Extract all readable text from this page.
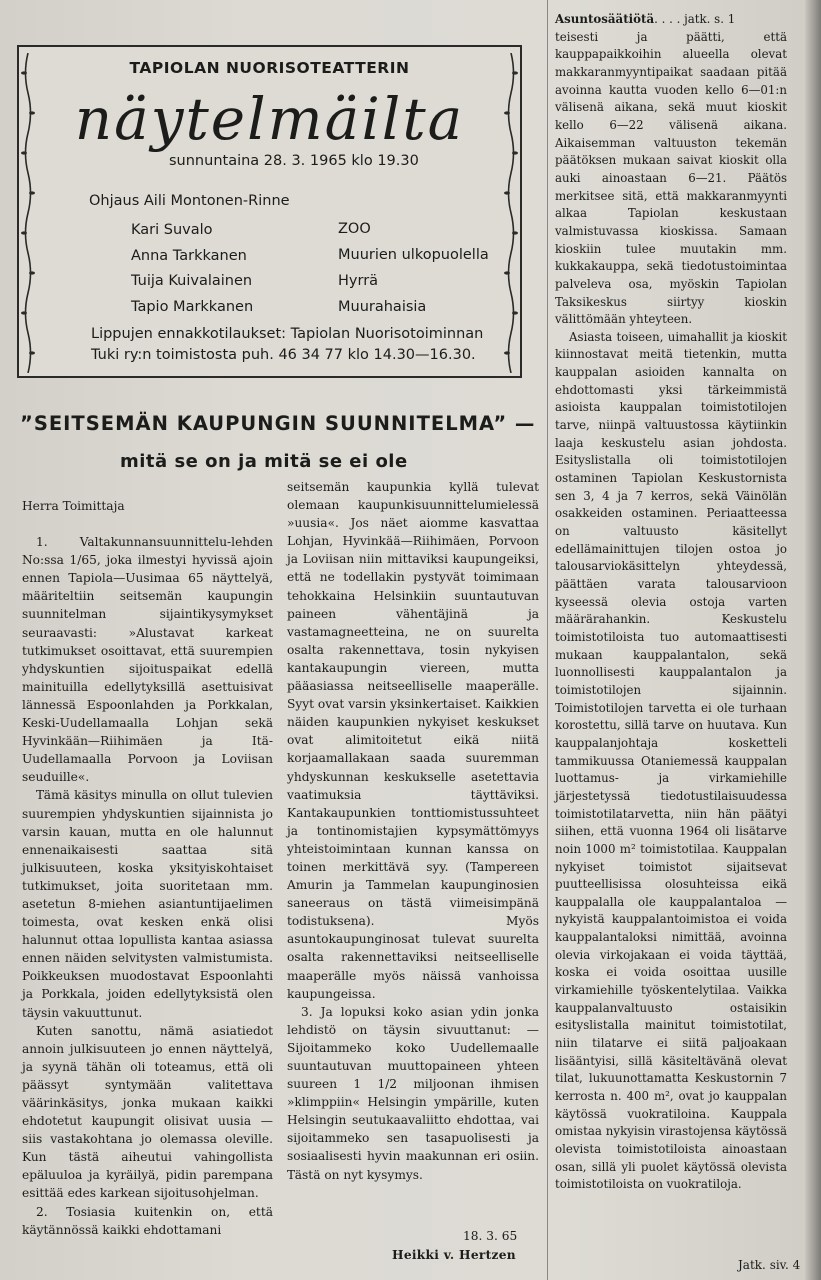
TAPIOLAN NUORISOTEATTERIN
näytelmäilta
sunnuntaina 28. 3. 1965 klo 19.30
Ohjaus Aili Montonen-Rinne
Kari Suvalo
Anna Tarkkanen
Tuija Kuivalainen
Tapio Markkanen
ZOO
Muurien ulkopuolella
Hyrrä
Muurahaisia
Lippujen ennakkotilaukset: Tapiolan Nuorisotoiminnan
Tuki ry:n toimistosta puh. 46 34 77 klo 14.30—16.30.
”SEITSEMÄN KAUPUNGIN SUUNNITELMA” —
mitä se on ja mitä se ei ole

Herra Toimittaja

1. Valtakunnansuunnittelu-lehden No:ssa 1/65, joka ilmestyi hyvissä ajoin ennen Tapiola—Uusimaa 65 näyttelyä, määriteltiin seitsemän kaupungin suunnitelman sijaintikysymykset seuraavasti: »Alustavat karkeat tutkimukset osoittavat, että suurempien yhdyskuntien sijoituspaikat edellä mainituilla edellytyksillä asettuisivat lännessä Espoonlahden ja Porkkalan, Keski-Uudellamaalla Lohjan sekä Hyvinkään—Riihimäen ja Itä-Uudellamaalla Porvoon ja Loviisan seuduille«.

Tämä käsitys minulla on ollut tulevien suurempien yhdyskuntien sijainnista jo varsin kauan, mutta en ole halunnut ennenaikaisesti saattaa sitä julkisuuteen, koska yksityiskohtaiset tutkimukset, joita suoritetaan mm. asetetun 8-miehen asiantuntijaelimen toimesta, ovat kesken enkä olisi halunnut ottaa lopullista kantaa asiassa ennen näiden selvitysten valmistumista. Poikkeuksen muodostavat Espoonlahti ja Porkkala, joiden edellytyksistä olen täysin vakuuttunut.

Kuten sanottu, nämä asiatiedot annoin julkisuuteen jo ennen näyttelyä, ja syynä tähän oli toteamus, että oli päässyt syntymään valitettava väärinkäsitys, jonka mukaan kaikki ehdotetut kaupungit olisivat uusia — siis vastakohtana jo olemassa oleville. Kun tästä aiheutui vahingollista epäluuloa ja kyräilyä, pidin parempana esittää edes karkean sijoitusohjelman.

2. Tosiasia kuitenkin on, että käytännössä kaikki ehdottamani

seitsemän kaupunkia kyllä tulevat olemaan kaupunkisuunnittelumielessä »uusia«. Jos näet aiomme kasvattaa Lohjan, Hyvinkää—Riihimäen, Porvoon ja Loviisan niin mittaviksi kaupungeiksi, että ne todellakin pystyvät toimimaan tehokkaina Helsinkiin suuntautuvan paineen vähentäjinä ja vastamagneetteina, ne on suurelta osalta rakennettava, tosin nykyisen kantakaupungin viereen, mutta pääasiassa neitseelliselle maaperälle. Syyt ovat varsin yksinkertaiset. Kaikkien näiden kaupunkien nykyiset keskukset ovat alimitoitetut eikä niitä korjaamallakaan saada suuremman yhdyskunnan keskukselle asetettavia vaatimuksia täyttäviksi. Kantakaupunkien tonttiomistussuhteet ja tontinomistajien kypsymättömyys yhteistoimintaan kunnan kanssa on toinen merkittävä syy. (Tampereen Amurin ja Tammelan kaupunginosien saneeraus on tästä viimeisimpänä todistuksena). Myös asuntokaupunginosat tulevat suurelta osalta rakennettaviksi neitseelliselle maaperälle myös näissä vanhoissa kaupungeissa.

3. Ja lopuksi koko asian ydin jonka lehdistö on täysin sivuuttanut: — Sijoitammeko koko Uudellemaalle suuntautuvan muuttopaineen yhteen suureen 1 1/2 miljoonan ihmisen »klimppiin« Helsingin ympärille, kuten Helsingin seutukaavaliitto ehdottaa, vai sijoitammeko sen tasapuolisesti ja sosiaalisesti hyvin maakunnan eri osiin. Tästä on nyt kysymys.

18. 3. 65
Heikki v. Hertzen

Asuntosäätiötä. . . . jatk. s. 1

teisesti ja päätti, että kauppapaikkoihin alueella olevat makkaranmyyntipaikat saadaan pitää avoinna kautta vuoden kello 6—01:n välisenä aikana, sekä muut kioskit kello 6—22 välisenä aikana. Aikaisemman valtuuston tekemän päätöksen mukaan saivat kioskit olla auki ainoastaan 6—21. Päätös merkitsee sitä, että makkaranmyynti alkaa Tapiolan keskustaan valmistuvassa kioskissa. Samaan kioskiin tulee muutakin mm. kukkakauppa, sekä tiedotustoimintaa palveleva osa, myöskin Tapiolan Taksikeskus siirtyy kioskin välittömään yhteyteen.

Asiasta toiseen, uimahallit ja kioskit kiinnostavat meitä tietenkin, mutta kauppalan asioiden kannalta on ehdottomasti yksi tärkeimmistä asioista kauppalan toimistotilojen tarve, niinpä valtuustossa käytiinkin laaja keskustelu asian johdosta. Esityslistalla oli toimistotilojen ostaminen Tapiolan Keskustornista sen 3, 4 ja 7 kerros, sekä Väinölän osakkeiden ostaminen. Periaatteessa on valtuusto käsitellyt edellämainittujen tilojen ostoa jo talousarviokäsittelyn yhteydessä, päättäen varata talousarvioon kyseessä olevia ostoja varten määrärahankin. Keskustelu toimistotiloista tuo automaattisesti mukaan kauppalantalon, sekä luonnollisesti kauppalantalon ja toimistotilojen sijainnin. Toimistotilojen tarvetta ei ole turhaan korostettu, sillä tarve on huutava. Kun kauppalanjohtaja kosketteli tammikuussa Otaniemessä kauppalan luottamus- ja virkamiehille järjestetyssä tiedotustilaisuudessa toimistotilatarvetta, niin hän päätyi siihen, että vuonna 1964 oli lisätarve noin 1000 m² toimistotilaa. Kauppalan nykyiset toimistot sijaitsevat puutteellisissa olosuhteissa eikä kauppalalla ole kauppalantaloa — nykyistä kauppalantoimistoa ei voida kauppalantaloksi nimittää, avoinna olevia virkojakaan ei voida täyttää, koska ei voida osoittaa uusille virkamiehille työskentelytilaa. Vaikka kauppalanvaltuusto ostaisikin esityslistalla mainitut toimistotilat, niin tilatarve ei siitä paljoakaan lisääntyisi, sillä käsiteltävänä olevat tilat, lukuunottamatta Keskustornin 7 kerrosta n. 400 m², ovat jo kauppalan käytössä vuokratiloina. Kauppala omistaa nykyisin virastojensa käytössä olevista toimistotiloista ainoastaan osan, sillä yli puolet käytössä olevista toimistotiloista on vuokratiloja.

Jatk. siv. 4
